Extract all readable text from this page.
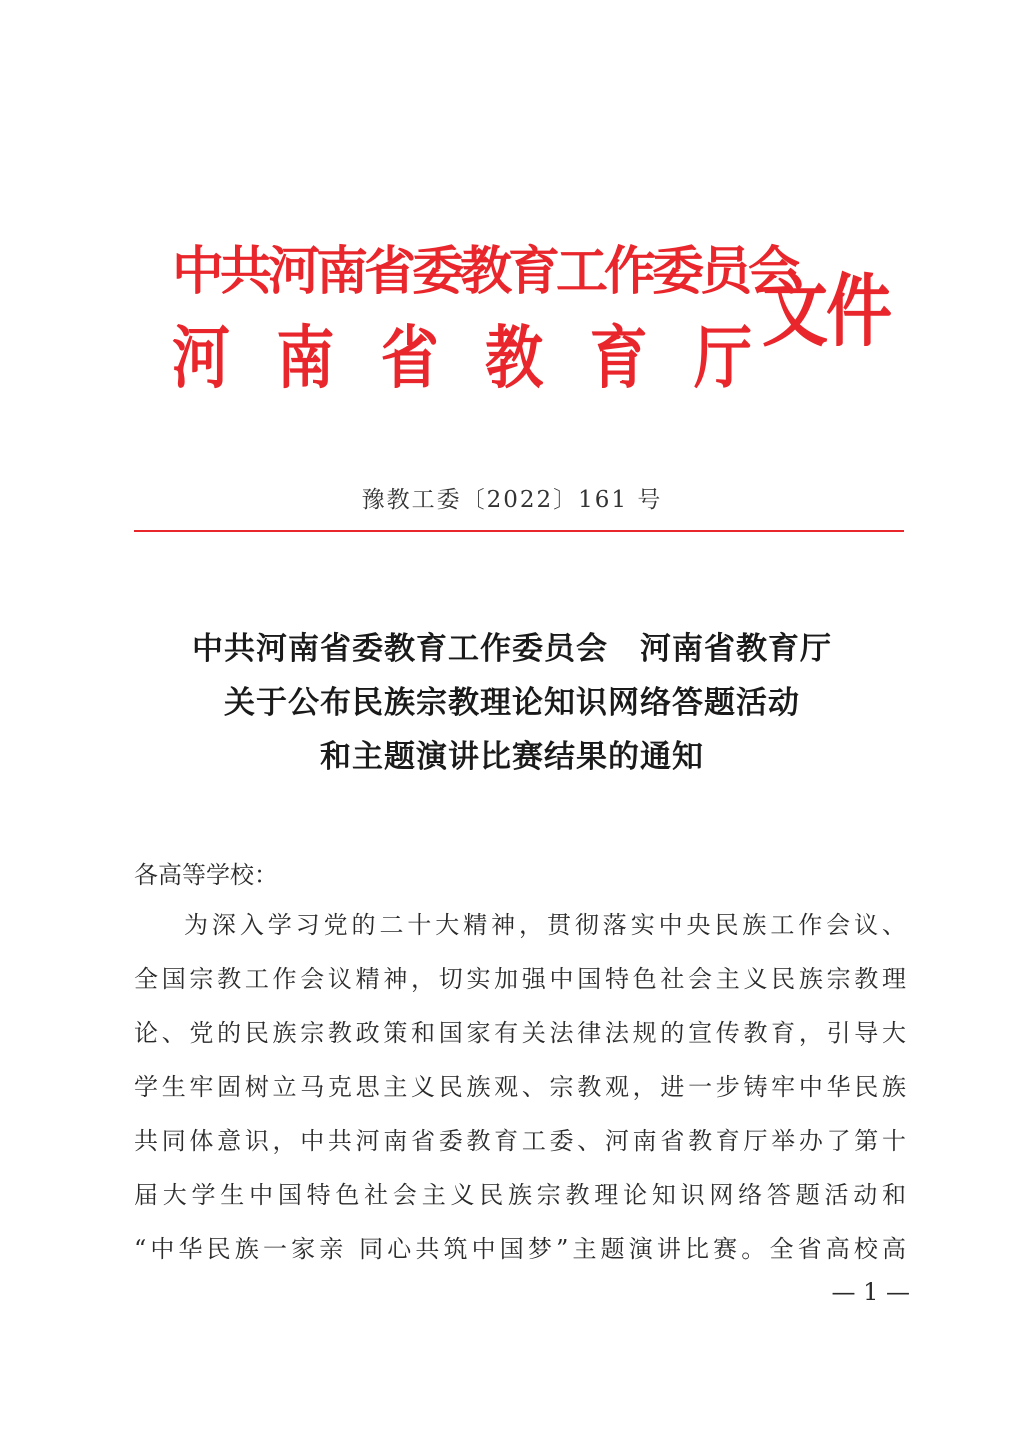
中共河南省委教育工作委员会
河 南 省 教 育 厅
文件
豫教工委〔2022〕161 号
中共河南省委教育工作委员会　河南省教育厅
关于公布民族宗教理论知识网络答题活动
和主题演讲比赛结果的通知
各高等学校：
为深入学习党的二十大精神，贯彻落实中央民族工作会议、
全国宗教工作会议精神，切实加强中国特色社会主义民族宗教理
论、党的民族宗教政策和国家有关法律法规的宣传教育，引导大
学生牢固树立马克思主义民族观、宗教观，进一步铸牢中华民族
共同体意识，中共河南省委教育工委、河南省教育厅举办了第十
届大学生中国特色社会主义民族宗教理论知识网络答题活动和
“中华民族一家亲 同心共筑中国梦”主题演讲比赛。全省高校高
— 1 —
